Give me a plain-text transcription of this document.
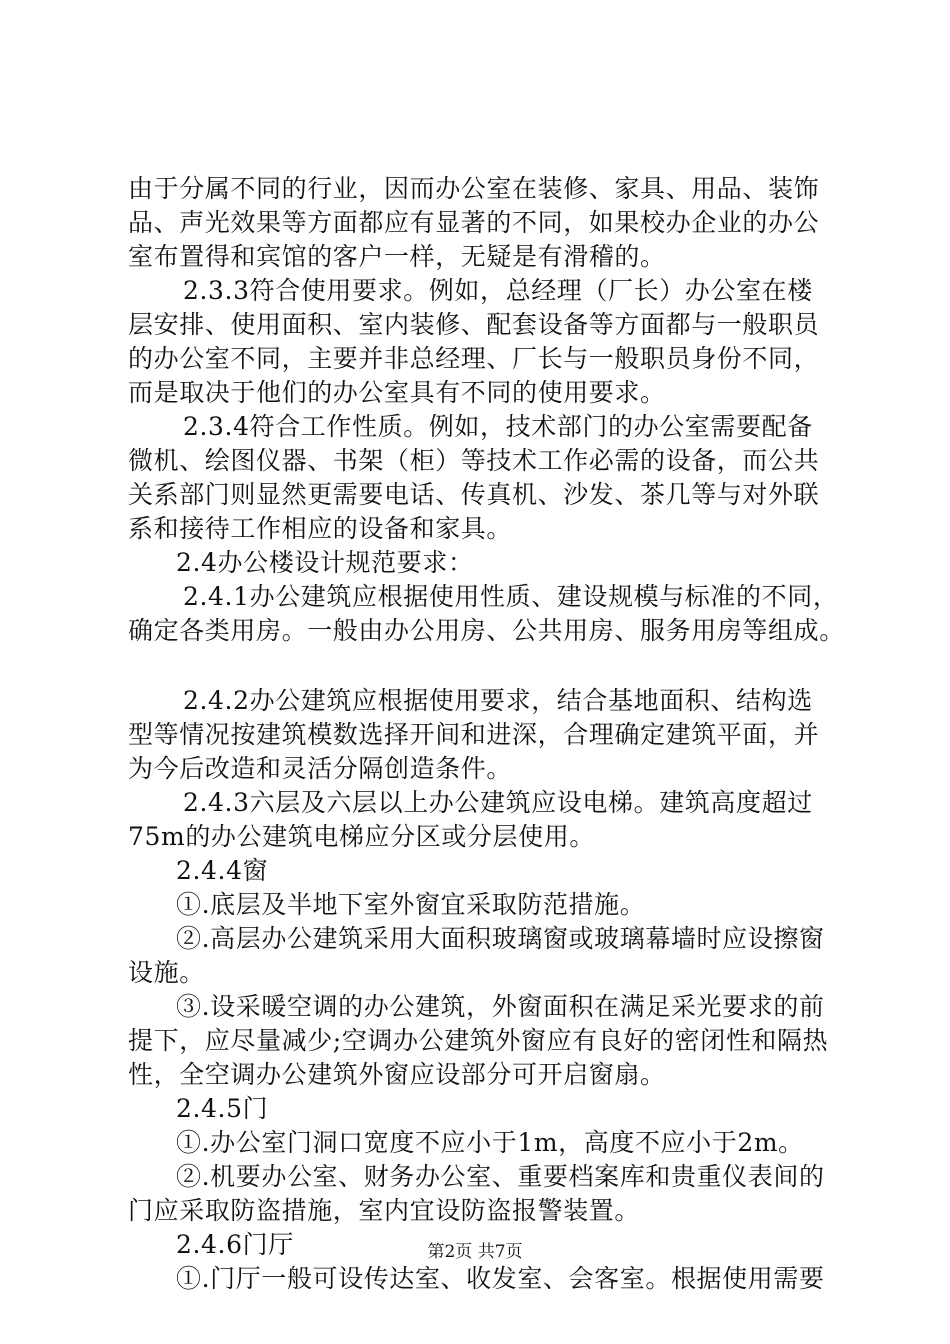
由于分属不同的行业，因而办公室在装修、家具、用品、装饰
品、声光效果等方面都应有显著的不同，如果校办企业的办公
室布置得和宾馆的客户一样，无疑是有滑稽的。
2.3.3符合使用要求。例如，总经理（厂长）办公室在楼
层安排、使用面积、室内装修、配套设备等方面都与一般职员
的办公室不同，主要并非总经理、厂长与一般职员身份不同，
而是取决于他们的办公室具有不同的使用要求。
2.3.4符合工作性质。例如，技术部门的办公室需要配备
微机、绘图仪器、书架（柜）等技术工作必需的设备，而公共
关系部门则显然更需要电话、传真机、沙发、茶几等与对外联
系和接待工作相应的设备和家具。
2.4办公楼设计规范要求：
2.4.1办公建筑应根据使用性质、建设规模与标准的不同，
确定各类用房。一般由办公用房、公共用房、服务用房等组成。
2.4.2办公建筑应根据使用要求，结合基地面积、结构选
型等情况按建筑模数选择开间和进深，合理确定建筑平面，并
为今后改造和灵活分隔创造条件。
2.4.3六层及六层以上办公建筑应设电梯。建筑高度超过
75m的办公建筑电梯应分区或分层使用。
2.4.4窗
①.底层及半地下室外窗宜采取防范措施。
②.高层办公建筑采用大面积玻璃窗或玻璃幕墙时应设擦窗
设施。
③.设采暖空调的办公建筑，外窗面积在满足采光要求的前
提下，应尽量减少;空调办公建筑外窗应有良好的密闭性和隔热
性，全空调办公建筑外窗应设部分可开启窗扇。
2.4.5门
①.办公室门洞口宽度不应小于1m，高度不应小于2m。
②.机要办公室、财务办公室、重要档案库和贵重仪表间的
门应采取防盗措施，室内宜设防盗报警装置。
2.4.6门厅
①.门厅一般可设传达室、收发室、会客室。根据使用需要
第2页 共7页
